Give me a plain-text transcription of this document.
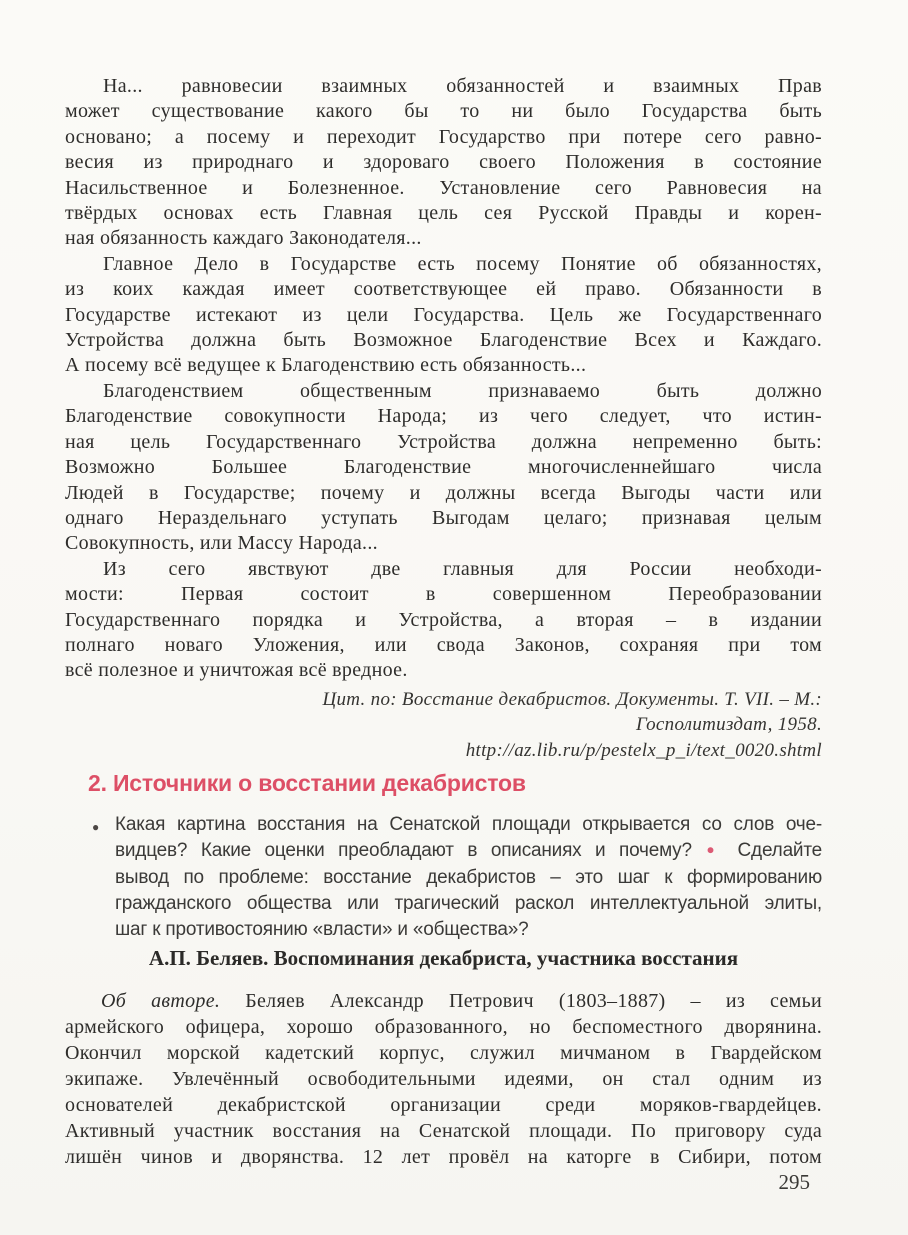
На... равновесии взаимных обязанностей и взаимных Прав
может существование какого бы то ни было Государства быть
основано; а посему и переходит Государство при потере сего равно-
весия из природнаго и здороваго своего Положения в состояние
Насильственное и Болезненное. Установление сего Равновесия на
твёрдых основах есть Главная цель сея Русской Правды и корен-
ная обязанность каждаго Законодателя...
Главное Дело в Государстве есть посему Понятие об обязанностях,
из коих каждая имеет соответствующее ей право. Обязанности в
Государстве истекают из цели Государства. Цель же Государственнаго
Устройства должна быть Возможное Благоденствие Всех и Каждаго.
А посему всё ведущее к Благоденствию есть обязанность...
Благоденствием общественным признаваемо быть должно
Благоденствие совокупности Народа; из чего следует, что истин-
ная цель Государственнаго Устройства должна непременно быть:
Возможно Большее Благоденствие многочисленнейшаго числа
Людей в Государстве; почему и должны всегда Выгоды части или
однаго Нераздельнаго уступать Выгодам целаго; признавая целым
Совокупность, или Массу Народа...
Из сего явствуют две главныя для России необходи-
мости: Первая состоит в совершенном Переобразовании
Государственнаго порядка и Устройства, а вторая – в издании
полнаго новаго Уложения, или свода Законов, сохраняя при том
всё полезное и уничтожая всё вредное.
Цит. по: Восстание декабристов. Документы. Т. VII. – М.:
Госполитиздат, 1958.
http://az.lib.ru/p/pestelx_p_i/text_0020.shtml
2. Источники о восстании декабристов
● Какая картина восстания на Сенатской площади открывается со слов оче-
видцев? Какие оценки преобладают в описаниях и почему? ● Сделайте
вывод по проблеме: восстание декабристов – это шаг к формированию
гражданского общества или трагический раскол интеллектуальной элиты,
шаг к противостоянию «власти» и «общества»?
А.П. Беляев. Воспоминания декабриста, участника восстания
Об авторе. Беляев Александр Петрович (1803–1887) – из семьи
армейского офицера, хорошо образованного, но беспоместного дворянина.
Окончил морской кадетский корпус, служил мичманом в Гвардейском
экипаже. Увлечённый освободительными идеями, он стал одним из
основателей декабристской организации среди моряков-гвардейцев.
Активный участник восстания на Сенатской площади. По приговору суда
лишён чинов и дворянства. 12 лет провёл на каторге в Сибири, потом
295
